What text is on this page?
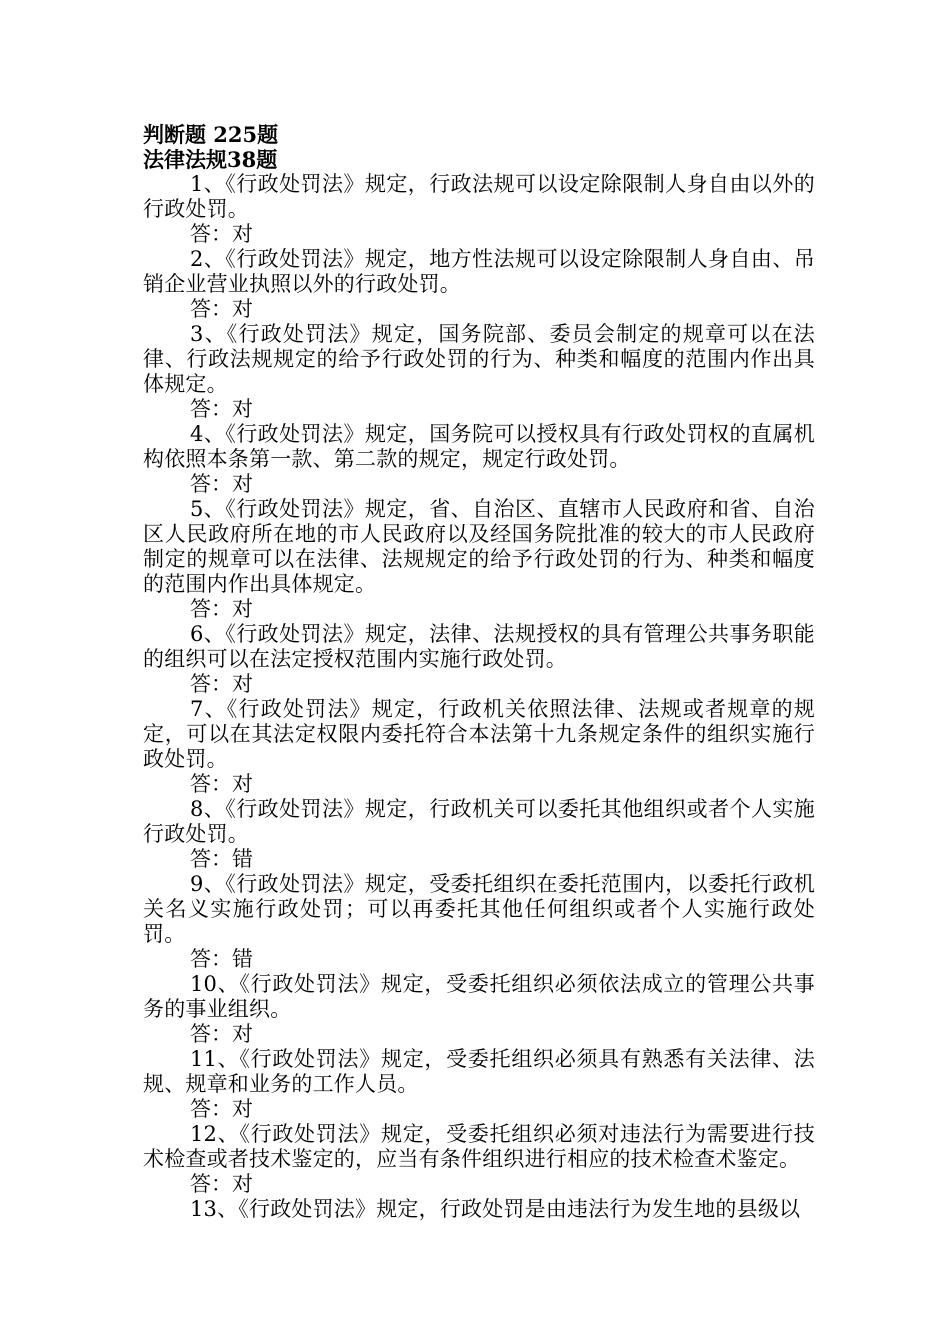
判断题 225题
法律法规38题
1、《行政处罚法》规定，行政法规可以设定除限制人身自由以外的行政处罚。
答：对
2、《行政处罚法》规定，地方性法规可以设定除限制人身自由、吊销企业营业执照以外的行政处罚。
答：对
3、《行政处罚法》规定，国务院部、委员会制定的规章可以在法律、行政法规规定的给予行政处罚的行为、种类和幅度的范围内作出具体规定。
答：对
4、《行政处罚法》规定，国务院可以授权具有行政处罚权的直属机构依照本条第一款、第二款的规定，规定行政处罚。
答：对
5、《行政处罚法》规定，省、自治区、直辖市人民政府和省、自治区人民政府所在地的市人民政府以及经国务院批准的较大的市人民政府制定的规章可以在法律、法规规定的给予行政处罚的行为、种类和幅度的范围内作出具体规定。
答：对
6、《行政处罚法》规定，法律、法规授权的具有管理公共事务职能的组织可以在法定授权范围内实施行政处罚。
答：对
7、《行政处罚法》规定，行政机关依照法律、法规或者规章的规定，可以在其法定权限内委托符合本法第十九条规定条件的组织实施行政处罚。
答：对
8、《行政处罚法》规定，行政机关可以委托其他组织或者个人实施行政处罚。
答：错
9、《行政处罚法》规定，受委托组织在委托范围内，以委托行政机关名义实施行政处罚；可以再委托其他任何组织或者个人实施行政处罚。
答：错
10、《行政处罚法》规定，受委托组织必须依法成立的管理公共事务的事业组织。
答：对
11、《行政处罚法》规定，受委托组织必须具有熟悉有关法律、法规、规章和业务的工作人员。
答：对
12、《行政处罚法》规定，受委托组织必须对违法行为需要进行技术检查或者技术鉴定的，应当有条件组织进行相应的技术检查术鉴定。
答：对
13、《行政处罚法》规定，行政处罚是由违法行为发生地的县级以
